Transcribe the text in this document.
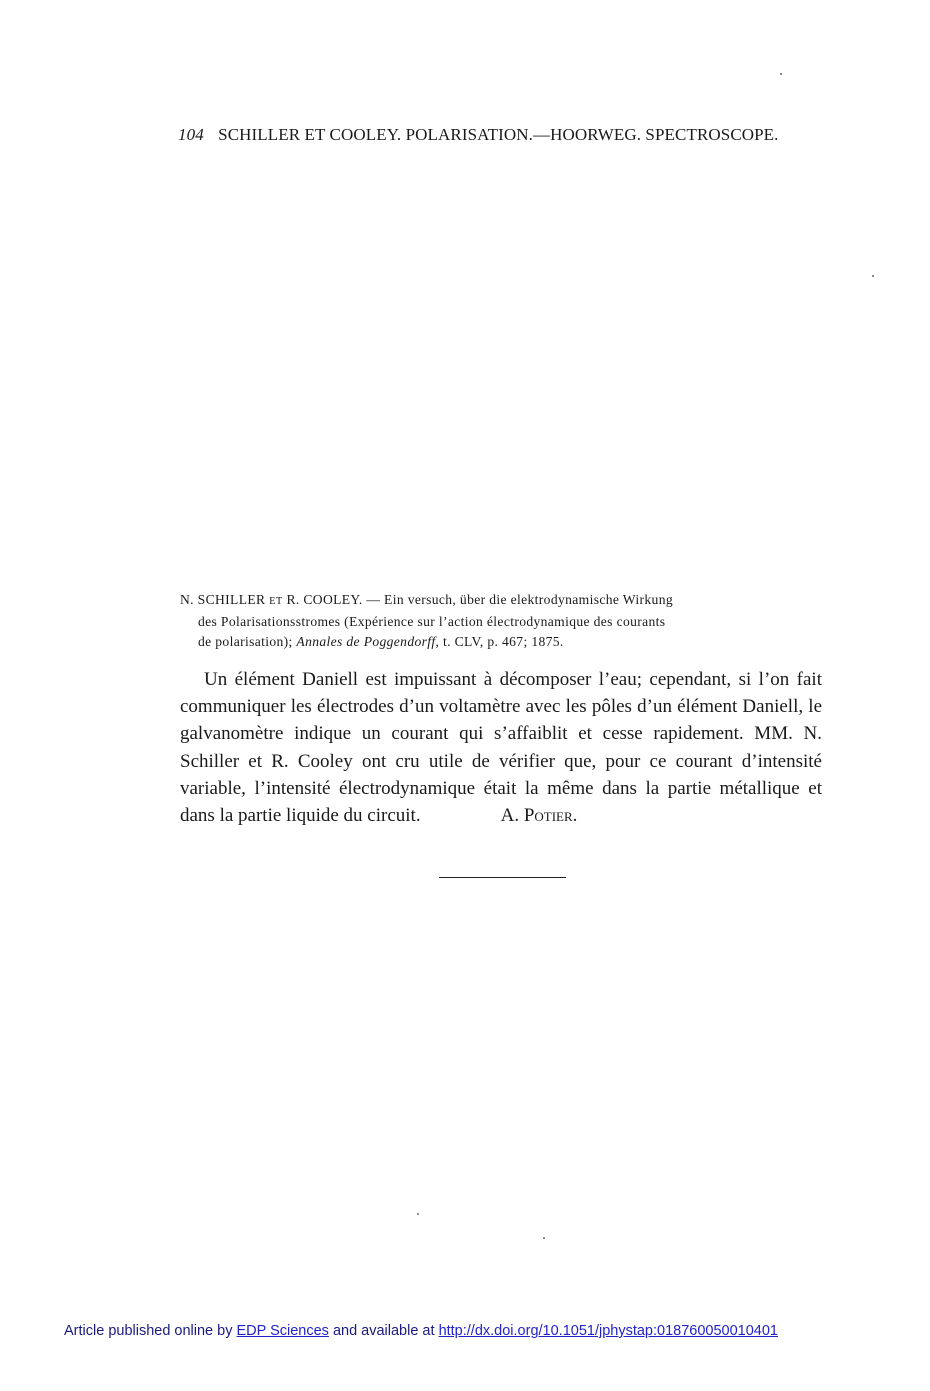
104 SCHILLER ET COOLEY. POLARISATION.—HOORWEG. SPECTROSCOPE.
N. SCHILLER ET R. COOLEY. — Ein versuch, über die elektrodynamische Wirkung
des Polarisationsstromes (Expérience sur l’action électrodynamique des courants
de polarisation); Annales de Poggendorff, t. CLV, p. 467; 1875.

Un élément Daniell est impuissant à décomposer l’eau; cependant, si l’on fait communiquer les électrodes d’un voltamètre avec les pôles d’un élément Daniell, le galvanomètre indique un courant qui s’affaiblit et cesse rapidement. MM. N. Schiller et R. Cooley ont cru utile de vérifier que, pour ce courant d’intensité variable, l’intensité électrodynamique était la même dans la partie métallique et dans la partie liquide du circuit.	A. Potier.

Article published online by EDP Sciences and available at http://dx.doi.org/10.1051/jphystap:018760050010401
